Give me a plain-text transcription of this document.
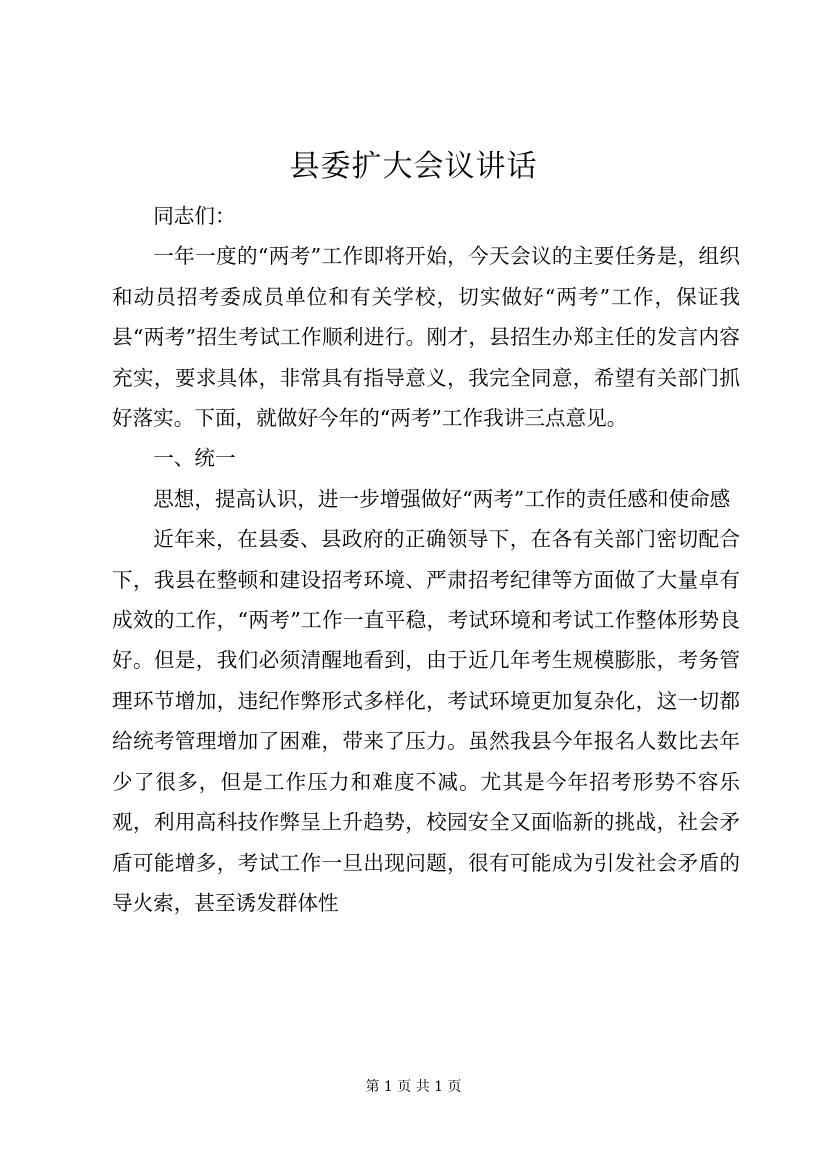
县委扩大会议讲话

同志们：

一年一度的“两考”工作即将开始，今天会议的主要任务是，组织和动员招考委成员单位和有关学校，切实做好“两考”工作，保证我县“两考”招生考试工作顺利进行。刚才，县招生办郑主任的发言内容充实，要求具体，非常具有指导意义，我完全同意，希望有关部门抓好落实。下面，就做好今年的“两考”工作我讲三点意见。

一、统一

思想，提高认识，进一步增强做好“两考”工作的责任感和使命感

近年来，在县委、县政府的正确领导下，在各有关部门密切配合下，我县在整顿和建设招考环境、严肃招考纪律等方面做了大量卓有成效的工作，“两考”工作一直平稳，考试环境和考试工作整体形势良好。但是，我们必须清醒地看到，由于近几年考生规模膨胀，考务管理环节增加，违纪作弊形式多样化，考试环境更加复杂化，这一切都给统考管理增加了困难，带来了压力。虽然我县今年报名人数比去年少了很多，但是工作压力和难度不减。尤其是今年招考形势不容乐观，利用高科技作弊呈上升趋势，校园安全又面临新的挑战，社会矛盾可能增多，考试工作一旦出现问题，很有可能成为引发社会矛盾的导火索，甚至诱发群体性

第 1 页 共 1 页
